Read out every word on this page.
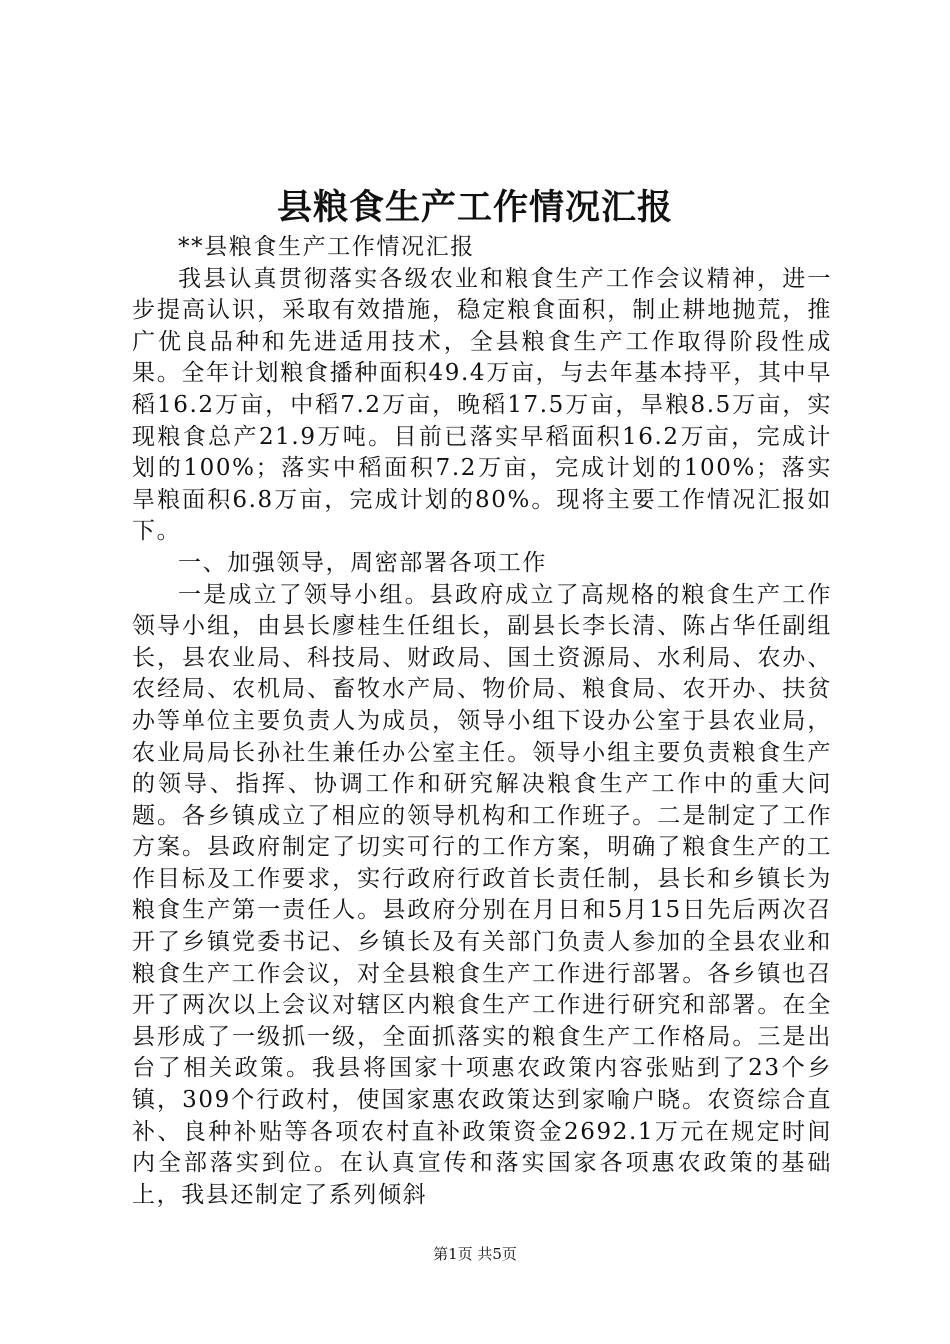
县粮食生产工作情况汇报

**县粮食生产工作情况汇报

我县认真贯彻落实各级农业和粮食生产工作会议精神，进一步提高认识，采取有效措施，稳定粮食面积，制止耕地抛荒，推广优良品种和先进适用技术，全县粮食生产工作取得阶段性成果。全年计划粮食播种面积49.4万亩，与去年基本持平，其中早稻16.2万亩，中稻7.2万亩，晚稻17.5万亩，旱粮8.5万亩，实现粮食总产21.9万吨。目前已落实早稻面积16.2万亩，完成计划的100%；落实中稻面积7.2万亩，完成计划的100%；落实旱粮面积6.8万亩，完成计划的80%。现将主要工作情况汇报如下。

一、加强领导，周密部署各项工作

一是成立了领导小组。县政府成立了高规格的粮食生产工作领导小组，由县长廖桂生任组长，副县长李长清、陈占华任副组长，县农业局、科技局、财政局、国土资源局、水利局、农办、农经局、农机局、畜牧水产局、物价局、粮食局、农开办、扶贫办等单位主要负责人为成员，领导小组下设办公室于县农业局，农业局局长孙社生兼任办公室主任。领导小组主要负责粮食生产的领导、指挥、协调工作和研究解决粮食生产工作中的重大问题。各乡镇成立了相应的领导机构和工作班子。二是制定了工作方案。县政府制定了切实可行的工作方案，明确了粮食生产的工作目标及工作要求，实行政府行政首长责任制，县长和乡镇长为粮食生产第一责任人。县政府分别在月日和5月15日先后两次召开了乡镇党委书记、乡镇长及有关部门负责人参加的全县农业和粮食生产工作会议，对全县粮食生产工作进行部署。各乡镇也召开了两次以上会议对辖区内粮食生产工作进行研究和部署。在全县形成了一级抓一级，全面抓落实的粮食生产工作格局。三是出台了相关政策。我县将国家十项惠农政策内容张贴到了23个乡镇，309个行政村，使国家惠农政策达到家喻户晓。农资综合直补、良种补贴等各项农村直补政策资金2692.1万元在规定时间内全部落实到位。在认真宣传和落实国家各项惠农政策的基础上，我县还制定了系列倾斜

第1页 共5页
